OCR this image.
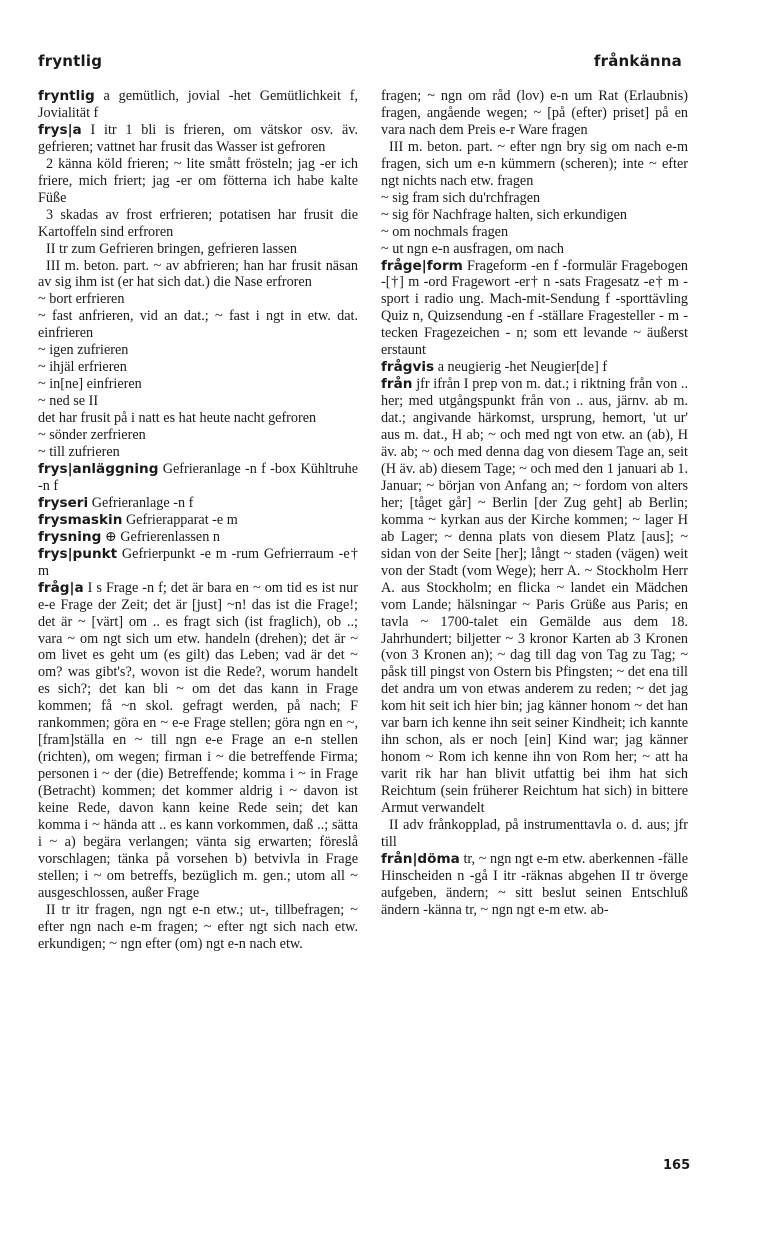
fryntlig	frånkänna

fryntlig a gemütlich, jovial -het Gemütlichkeit f, Jovialität f

frys|a I itr 1 bli is frieren, om vätskor osv. äv. gefrieren; vattnet har frusit das Wasser ist gefroren

2 känna köld frieren; ~ lite smått frösteln; jag -er ich friere, mich friert; jag -er om fötterna ich habe kalte Füße

3 skadas av frost erfrieren; potatisen har frusit die Kartoffeln sind erfroren

II tr zum Gefrieren bringen, gefrieren lassen

III m. beton. part. ~ av abfrieren; han har frusit näsan av sig ihm ist (er hat sich dat.) die Nase erfroren

~ bort erfrieren

~ fast anfrieren, vid an dat.; ~ fast i ngt in etw. dat. einfrieren

~ igen zufrieren

~ ihjäl erfrieren

~ in[ne] einfrieren

~ ned se II

det har frusit på i natt es hat heute nacht gefroren

~ sönder zerfrieren

~ till zufrieren

frys|anläggning Gefrieranlage -n f -box Kühltruhe -n f

fryseri Gefrieranlage -n f

frysmaskin Gefrierapparat -e m

frysning ⊕ Gefrierenlassen n

frys|punkt Gefrierpunkt -e m -rum Gefrierraum -e† m

fråg|a I s Frage -n f; det är bara en ~ om tid es ist nur e-e Frage der Zeit; det är [just] ~n! das ist die Frage!; det är ~ [värt] om .. es fragt sich (ist fraglich), ob ..; vara ~ om ngt sich um etw. handeln (drehen); det är ~ om livet es geht um (es gilt) das Leben; vad är det ~ om? was gibt's?, wovon ist die Rede?, worum handelt es sich?; det kan bli ~ om det das kann in Frage kommen; få ~n skol. gefragt werden, på nach; F rankommen; göra en ~ e-e Frage stellen; göra ngn en ~, [fram]ställa en ~ till ngn e-e Frage an e-n stellen (richten), om wegen; firman i ~ die betreffende Firma; personen i ~ der (die) Betreffende; komma i ~ in Frage (Betracht) kommen; det kommer aldrig i ~ davon ist keine Rede, davon kann keine Rede sein; det kan komma i ~ hända att .. es kann vorkommen, daß ..; sätta i ~ a) begära verlangen; vänta sig erwarten; föreslå vorschlagen; tänka på vorsehen b) betvivla in Frage stellen; i ~ om betreffs, bezüglich m. gen.; utom all ~ ausgeschlossen, außer Frage

II tr itr fragen, ngn ngt e-n etw.; ut-, tillbefragen; ~ efter ngn nach e-m fragen; ~ efter ngt sich nach etw. erkundigen; ~ ngn efter (om) ngt e-n nach etw.

fragen; ~ ngn om råd (lov) e-n um Rat (Erlaubnis) fragen, angående wegen; ~ [på (efter) priset] på en vara nach dem Preis e-r Ware fragen

III m. beton. part. ~ efter ngn bry sig om nach e-m fragen, sich um e-n kümmern (scheren); inte ~ efter ngt nichts nach etw. fragen

~ sig fram sich du'rchfragen

~ sig för Nachfrage halten, sich erkundigen

~ om nochmals fragen

~ ut ngn e-n ausfragen, om nach

fråge|form Frageform -en f -formulär Fragebogen -[†] m -ord Fragewort -er† n -sats Fragesatz -e† m -sport i radio ung. Mach-mit-Sendung f -sporttävling Quiz n, Quizsendung -en f -ställare Fragesteller - m -tecken Fragezeichen - n; som ett levande ~ äußerst erstaunt

frågvis a neugierig -het Neugier[de] f

från jfr ifrån I prep von m. dat.; i riktning från von .. her; med utgångspunkt från von .. aus, järnv. ab m. dat.; angivande härkomst, ursprung, hemort, 'ut ur' aus m. dat., H ab; ~ och med ngt von etw. an (ab), H äv. ab; ~ och med denna dag von diesem Tage an, seit (H äv. ab) diesem Tage; ~ och med den 1 januari ab 1. Januar; ~ början von Anfang an; ~ fordom von alters her; [tåget går] ~ Berlin [der Zug geht] ab Berlin; komma ~ kyrkan aus der Kirche kommen; ~ lager H ab Lager; ~ denna plats von diesem Platz [aus]; ~ sidan von der Seite [her]; långt ~ staden (vägen) weit von der Stadt (vom Wege); herr A. ~ Stockholm Herr A. aus Stockholm; en flicka ~ landet ein Mädchen vom Lande; hälsningar ~ Paris Grüße aus Paris; en tavla ~ 1700-talet ein Gemälde aus dem 18. Jahrhundert; biljetter ~ 3 kronor Karten ab 3 Kronen (von 3 Kronen an); ~ dag till dag von Tag zu Tag; ~ påsk till pingst von Ostern bis Pfingsten; ~ det ena till det andra um von etwas anderem zu reden; ~ det jag kom hit seit ich hier bin; jag känner honom ~ det han var barn ich kenne ihn seit seiner Kindheit; ich kannte ihn schon, als er noch [ein] Kind war; jag känner honom ~ Rom ich kenne ihn von Rom her; ~ att ha varit rik har han blivit utfattig bei ihm hat sich Reichtum (sein früherer Reichtum hat sich) in bittere Armut verwandelt

II adv frånkopplad, på instrumenttavla o. d. aus; jfr till

från|döma tr, ~ ngn ngt e-m etw. aberkennen -fälle Hinscheiden n -gå I itr -räknas abgehen II tr överge aufgeben, ändern; ~ sitt beslut seinen Entschluß ändern -känna tr, ~ ngn ngt e-m etw. ab-

165
